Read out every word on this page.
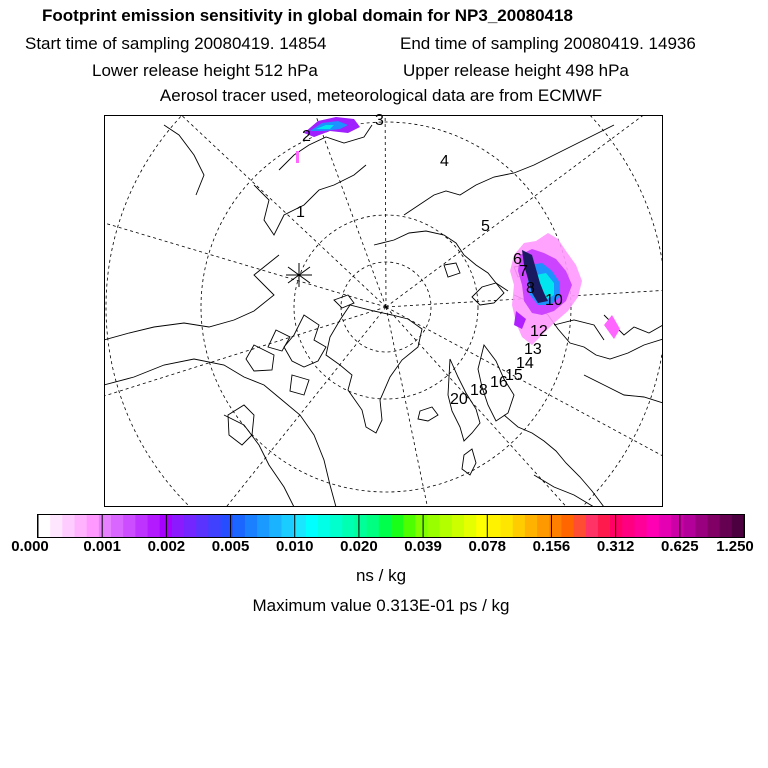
Footprint emission sensitivity in global domain for NP3_20080418
Start time of sampling 20080419. 14854	End time of sampling 20080419. 14936
Lower release height 512 hPa	Upper release height 498 hPa
Aerosol tracer used, meteorological data are from ECMWF
1
2
3
4
5
6
7
8
10
12
13
14
15
16
18
20
0.000 0.001 0.002 0.005 0.010 0.020 0.039 0.078 0.156 0.312 0.625 1.250
ns / kg
Maximum value 0.313E-01 ps / kg
